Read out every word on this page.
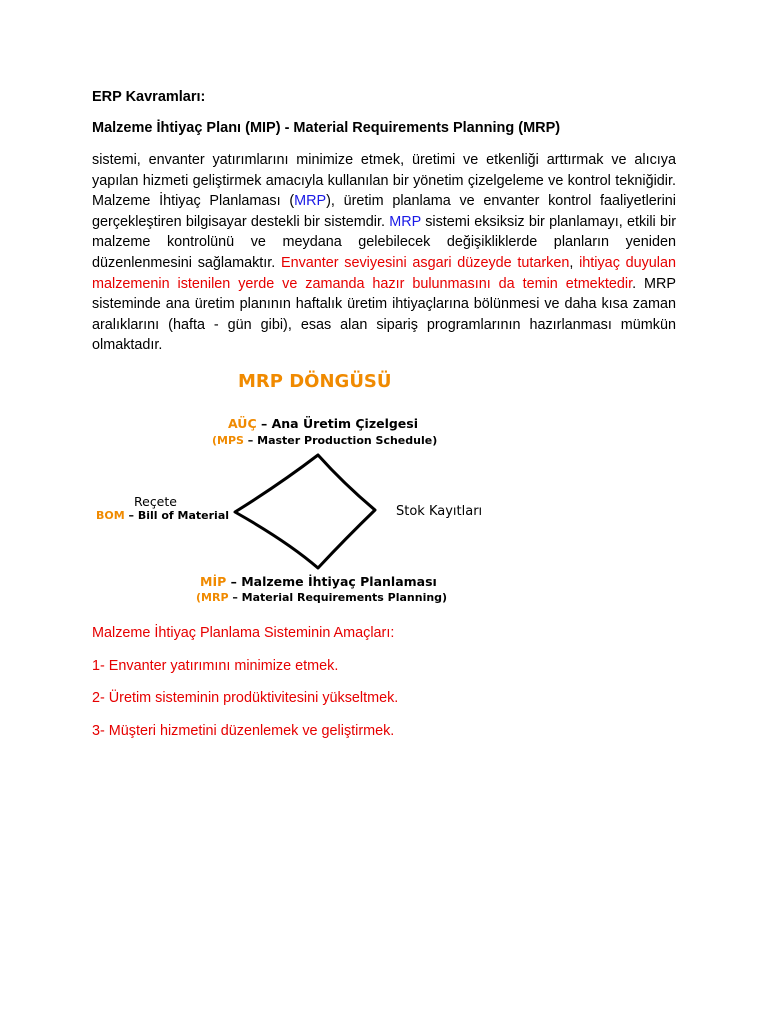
ERP Kavramları:
Malzeme İhtiyaç Planı (MIP) - Material Requirements Planning (MRP)

sistemi, envanter yatırımlarını minimize etmek, üretimi ve etkenliği arttırmak ve alıcıya yapılan hizmeti geliştirmek amacıyla kullanılan bir yönetim çizelgeleme ve kontrol tekniğidir. Malzeme İhtiyaç Planlaması (MRP), üretim planlama ve envanter kontrol faaliyetlerini gerçekleştiren bilgisayar destekli bir sistemdir. MRP sistemi eksiksiz bir planlamayı, etkili bir malzeme kontrolünü ve meydana gelebilecek değişikliklerde planların yeniden düzenlenmesini sağlamaktır. Envanter seviyesini asgari düzeyde tutarken, ihtiyaç duyulan malzemenin istenilen yerde ve zamanda hazır bulunmasını da temin etmektedir. MRP sisteminde ana üretim planının haftalık üretim ihtiyaçlarına bölünmesi ve daha kısa zaman aralıklarını (hafta - gün gibi), esas alan sipariş programlarının hazırlanması mümkün olmaktadır.

MRP DÖNGÜSÜ
AÜÇ – Ana Üretim Çizelgesi
(MPS – Master Production Schedule)
Reçete
BOM – Bill of Material	Stok Kayıtları
MİP – Malzeme İhtiyaç Planlaması
(MRP – Material Requirements Planning)
Malzeme İhtiyaç Planlama Sisteminin Amaçları:
1- Envanter yatırımını minimize etmek.
2- Üretim sisteminin prodüktivitesini yükseltmek.
3- Müşteri hizmetini düzenlemek ve geliştirmek.
